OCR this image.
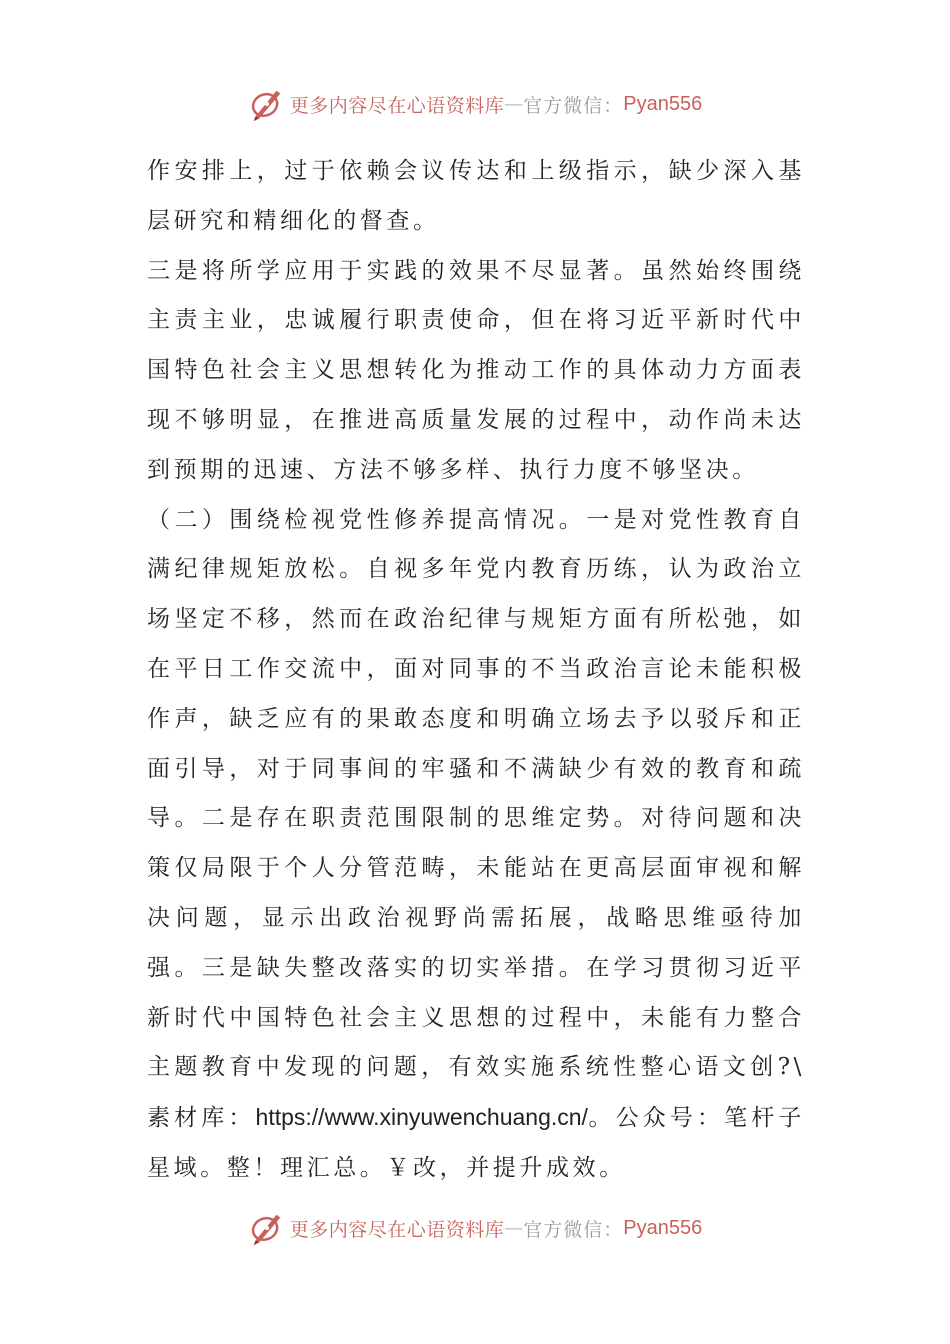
更多内容尽在心语资料库 — 官方微信： Pyan556

作安排上，过于依赖会议传达和上级指示，缺少深入基层研究和精细化的督查。

三是将所学应用于实践的效果不尽显著。虽然始终围绕主责主业，忠诚履行职责使命，但在将习近平新时代中国特色社会主义思想转化为推动工作的具体动力方面表现不够明显，在推进高质量发展的过程中，动作尚未达到预期的迅速、方法不够多样、执行力度不够坚决。

（二）围绕检视党性修养提高情况。一是对党性教育自满纪律规矩放松。自视多年党内教育历练，认为政治立场坚定不移，然而在政治纪律与规矩方面有所松弛，如在平日工作交流中，面对同事的不当政治言论未能积极作声，缺乏应有的果敢态度和明确立场去予以驳斥和正面引导，对于同事间的牢骚和不满缺少有效的教育和疏导。二是存在职责范围限制的思维定势。对待问题和决策仅局限于个人分管范畴，未能站在更高层面审视和解决问题，显示出政治视野尚需拓展，战略思维亟待加强。三是缺失整改落实的切实举措。在学习贯彻习近平新时代中国特色社会主义思想的过程中，未能有力整合主题教育中发现的问题，有效实施系统性整心语文创?\ 素材库：https://www.xinyuwenchuang.cn/。公众号：笔杆子星域。整！理汇总。￥改，并提升成效。

更多内容尽在心语资料库 — 官方微信： Pyan556
